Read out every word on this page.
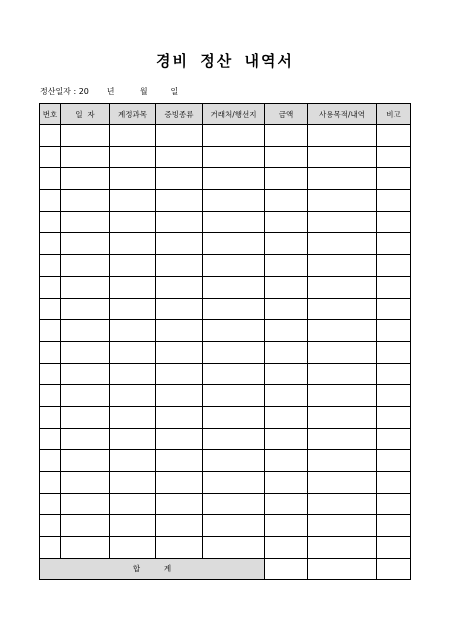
경비 정산 내역서
정산일자 : 20 년	월	일
번호	일  자	계정과목	증빙종류	거래처/행선지	금액	사용목적/내역	비고

합          계							
